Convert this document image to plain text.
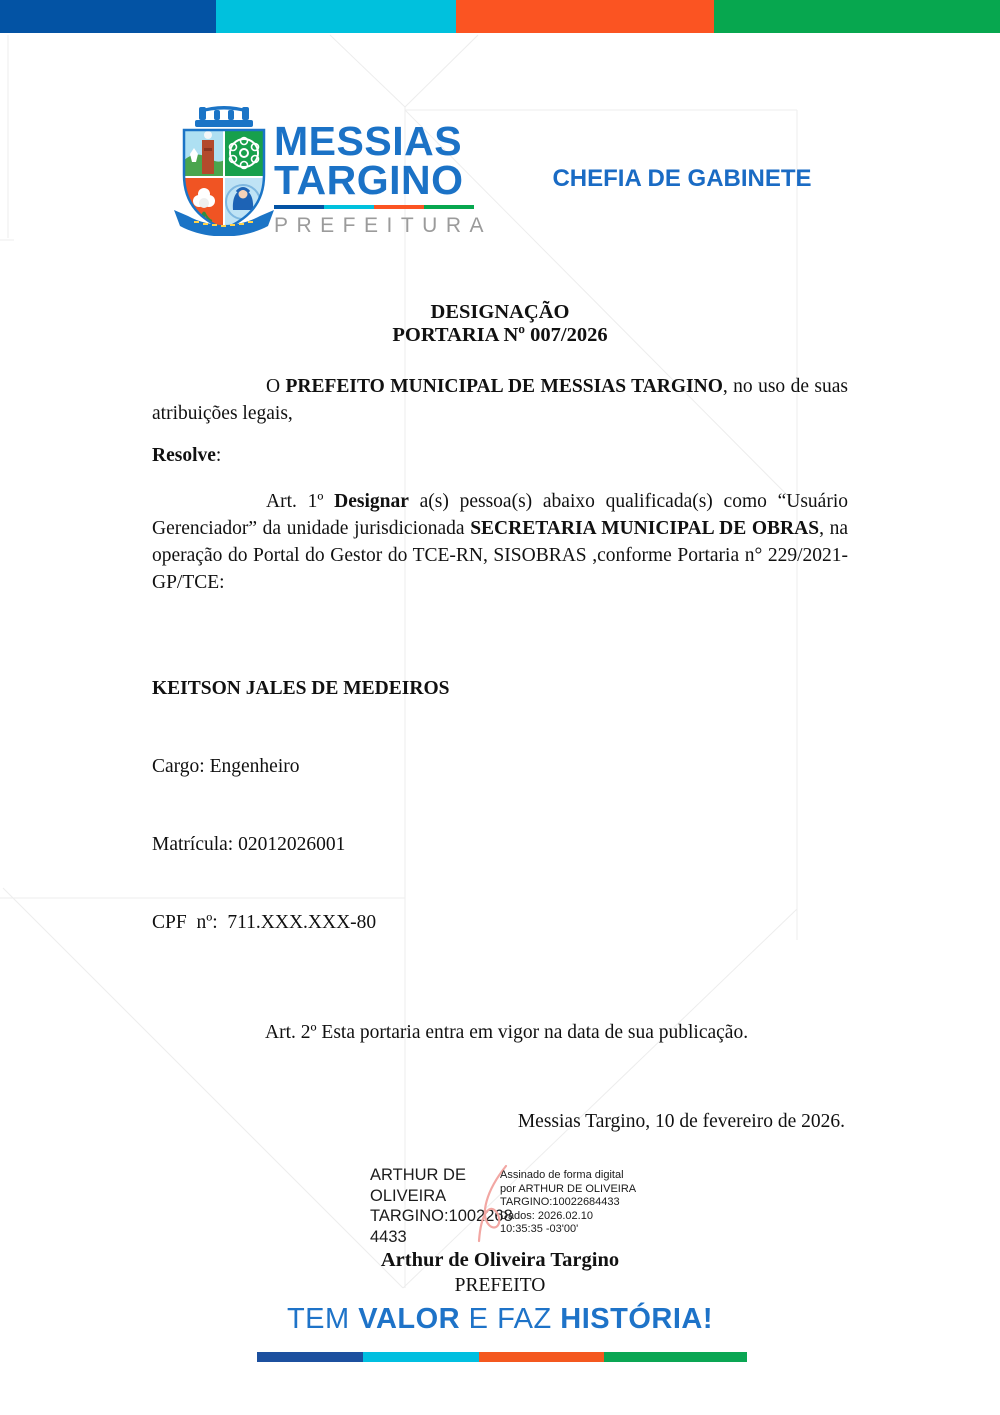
MESSIAS
TARGINO
PREFEITURA
CHEFIA DE GABINETE
DESIGNAÇÃO
PORTARIA Nº 007/2026

O PREFEITO MUNICIPAL DE MESSIAS TARGINO, no uso de suas atribuições legais,

Resolve:

Art. 1º Designar a(s) pessoa(s) abaixo qualificada(s) como “Usuário Gerenciador” da unidade jurisdicionada SECRETARIA MUNICIPAL DE OBRAS, na operação do Portal do Gestor do TCE-RN, SISOBRAS ,conforme Portaria n° 229/2021-GP/TCE:

KEITSON JALES DE MEDEIROS

Cargo: Engenheiro

Matrícula: 02012026001

CPF  nº:  711.XXX.XXX-80

Art. 2º Esta portaria entra em vigor na data de sua publicação.

Messias Targino, 10 de fevereiro de 2026.

ARTHUR DE
OLIVEIRA
TARGINO:1002268
4433
Assinado de forma digital
por ARTHUR DE OLIVEIRA
TARGINO:10022684433
Dados: 2026.02.10
10:35:35 -03'00'

Arthur de Oliveira Targino

PREFEITO

TEM VALOR E FAZ HISTÓRIA!
